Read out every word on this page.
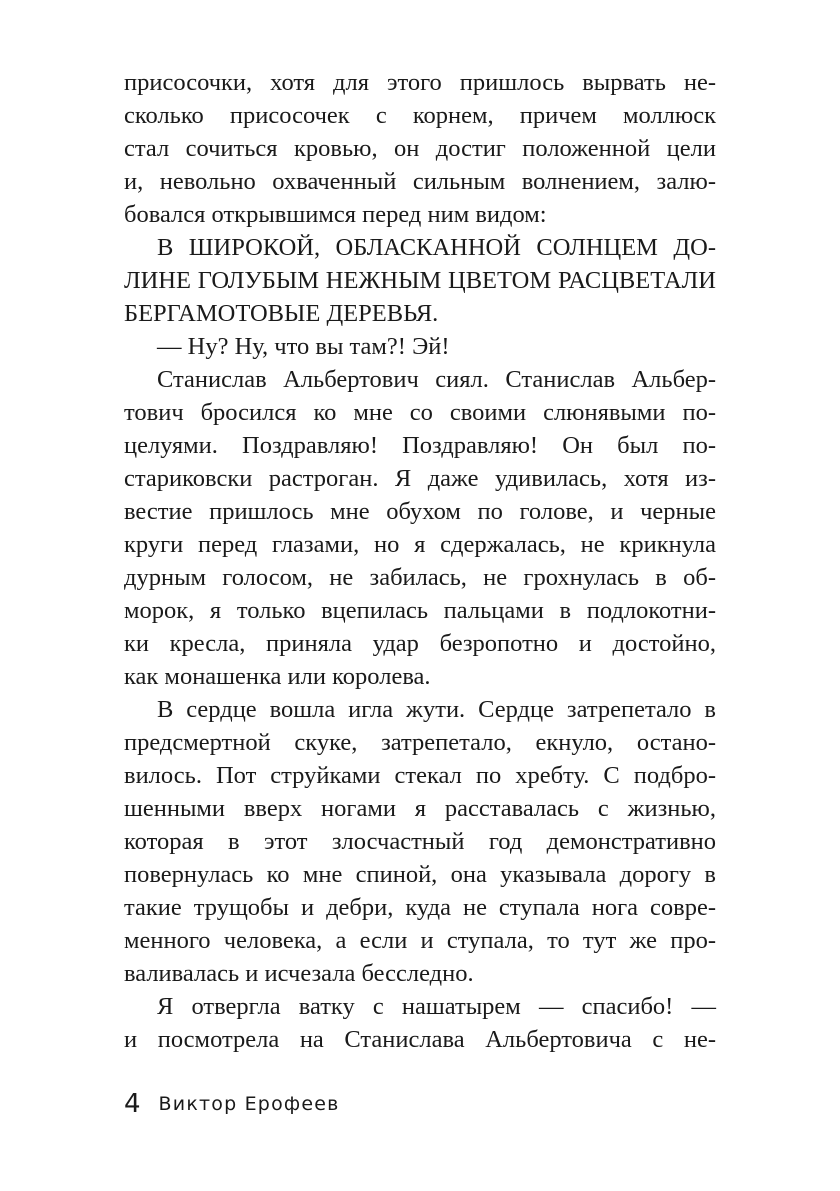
присосочки, хотя для этого пришлось вырвать не-
сколько присосочек с корнем, причем моллюск
стал сочиться кровью, он достиг положенной цели
и, невольно охваченный сильным волнением, залю-
бовался открывшимся перед ним видом:
В ШИРОКОЙ, ОБЛАСКАННОЙ СОЛНЦЕМ ДО-
ЛИНЕ ГОЛУБЫМ НЕЖНЫМ ЦВЕТОМ РАСЦВЕТАЛИ
БЕРГАМОТОВЫЕ ДЕРЕВЬЯ.
— Ну? Ну, что вы там?! Эй!
Станислав Альбертович сиял. Станислав Альбер-
тович бросился ко мне со своими слюнявыми по-
целуями. Поздравляю! Поздравляю! Он был по-
стариковски растроган. Я даже удивилась, хотя из-
вестие пришлось мне обухом по голове, и черные
круги перед глазами, но я сдержалась, не крикнула
дурным голосом, не забилась, не грохнулась в об-
морок, я только вцепилась пальцами в подлокотни-
ки кресла, приняла удар безропотно и достойно,
как монашенка или королева.
В сердце вошла игла жути. Сердце затрепетало в
предсмертной скуке, затрепетало, екнуло, остано-
вилось. Пот струйками стекал по хребту. С подбро-
шенными вверх ногами я расставалась с жизнью,
которая в этот злосчастный год демонстративно
повернулась ко мне спиной, она указывала дорогу в
такие трущобы и дебри, куда не ступала нога совре-
менного человека, а если и ступала, то тут же про-
валивалась и исчезала бесследно.
Я отвергла ватку с нашатырем — спасибо! —
и посмотрела на Станислава Альбертовича с не-
4 Виктор Ерофеев
